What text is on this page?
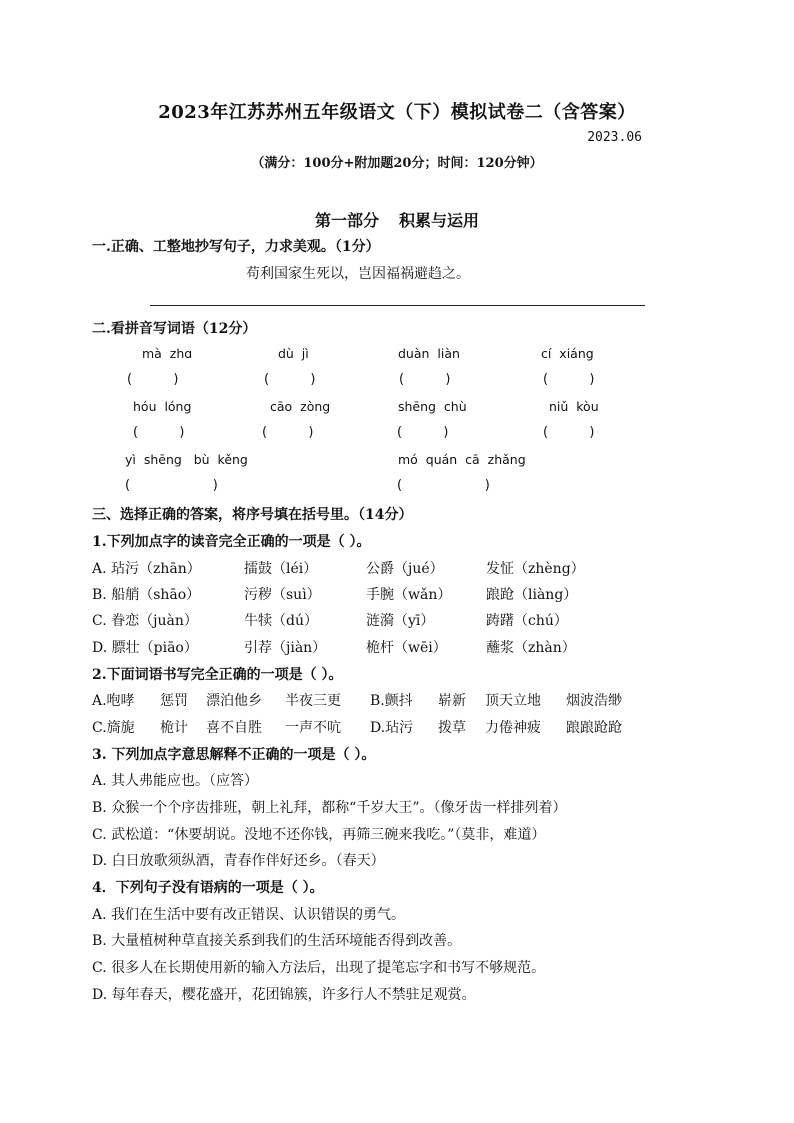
2023年江苏苏州五年级语文（下）模拟试卷二（含答案）
2023.06
（满分：100分+附加题20分；时间：120分钟）
第一部分 积累与运用
一.正确、工整地抄写句子，力求美观。（1分）
苟利国家生死以，岂因福祸避趋之。
二.看拼音写词语（12分）
mà  zhɑ	dù  jì	duàn  liàn	cí  xiáng
(          )	(          )	(          )	(          )
hóu  lóng	cāo  zòng	shēng  chù	niǔ  kòu
(          )	(          )	(          )	(          )
yì  shēng   bù  kěng	mó  quán  cā  zhǎng
(                    )	(                    )
三、选择正确的答案，将序号填在括号里。（14分）
1.下列加点字的读音完全正确的一项是（ ）。
A. 玷污（zhān）	擂鼓（léi）	公爵（jué）	发怔（zhèng）
B. 船艄（shāo）	污秽（suì）	手腕（wǎn） 踉跄（liàng）
C. 眷恋（juàn）	牛犊（dú）	涟漪（yī）	踌躇（chú）
D. 膘壮（piāo）	引荐（jiàn）	桅杆（wēi）	蘸浆（zhàn）
2.下面词语书写完全正确的一项是（ ）。
A.咆哮 惩罚 漂泊他乡 半夜三更 B.颤抖 崭新 顶天立地 烟波浩缈
C.旖旎 桅计 喜不自胜 一声不吭 D.玷污 拨草 力倦神疲 踉踉跄跄
3. 下列加点字意思解释不正确的一项是（ ）。
A. 其人弗能应也。（应答）
B. 众猴一个个序齿排班，朝上礼拜，都称“千岁大王”。（像牙齿一样排列着）
C. 武松道：“休要胡说。没地不还你钱，再筛三碗来我吃。”（莫非，难道）
D. 白日放歌须纵酒，青春作伴好还乡。（春天）
4．下列句子没有语病的一项是（ ）。
A. 我们在生活中要有改正错误、认识错误的勇气。
B. 大量植树种草直接关系到我们的生活环境能否得到改善。
C. 很多人在长期使用新的输入方法后，出现了提笔忘字和书写不够规范。
D. 每年春天，樱花盛开，花团锦簇，许多行人不禁驻足观赏。
